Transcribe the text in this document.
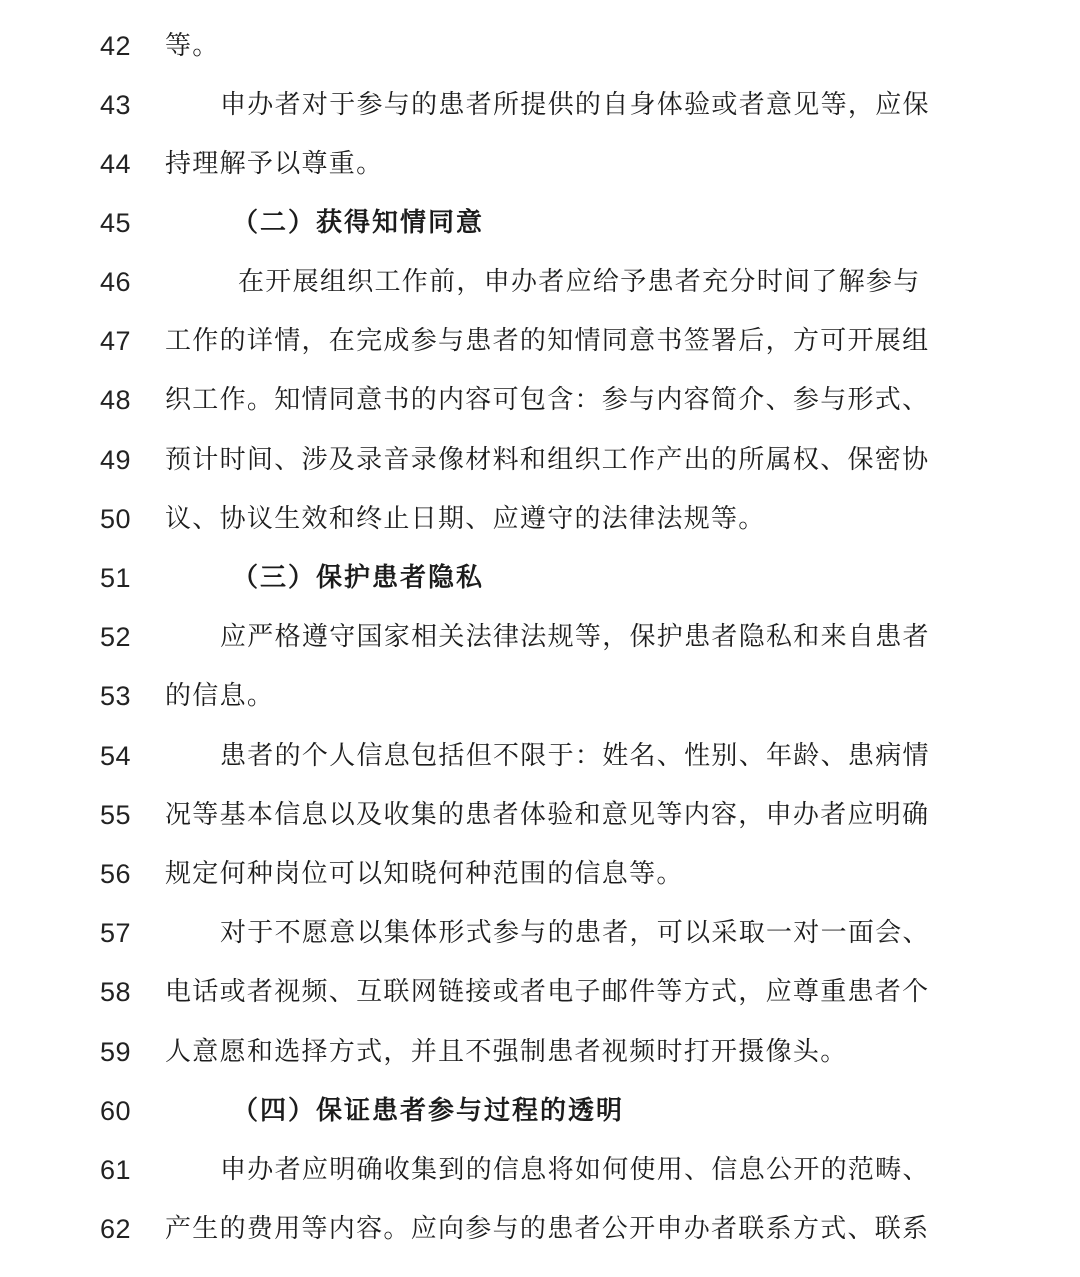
42 等。
43	申办者对于参与的患者所提供的自身体验或者意见等，应保
44 持理解予以尊重。
45	（二）获得知情同意
46	在开展组织工作前，申办者应给予患者充分时间了解参与
47 工作的详情，在完成参与患者的知情同意书签署后，方可开展组
48 织工作。知情同意书的内容可包含：参与内容简介、参与形式、
49 预计时间、涉及录音录像材料和组织工作产出的所属权、保密协
50 议、协议生效和终止日期、应遵守的法律法规等。
51	（三）保护患者隐私
52	应严格遵守国家相关法律法规等，保护患者隐私和来自患者
53 的信息。
54	患者的个人信息包括但不限于：姓名、性别、年龄、患病情
55 况等基本信息以及收集的患者体验和意见等内容，申办者应明确
56 规定何种岗位可以知晓何种范围的信息等。
57	对于不愿意以集体形式参与的患者，可以采取一对一面会、
58 电话或者视频、互联网链接或者电子邮件等方式，应尊重患者个
59 人意愿和选择方式，并且不强制患者视频时打开摄像头。
60	（四）保证患者参与过程的透明
61	申办者应明确收集到的信息将如何使用、信息公开的范畴、
62 产生的费用等内容。应向参与的患者公开申办者联系方式、联系
